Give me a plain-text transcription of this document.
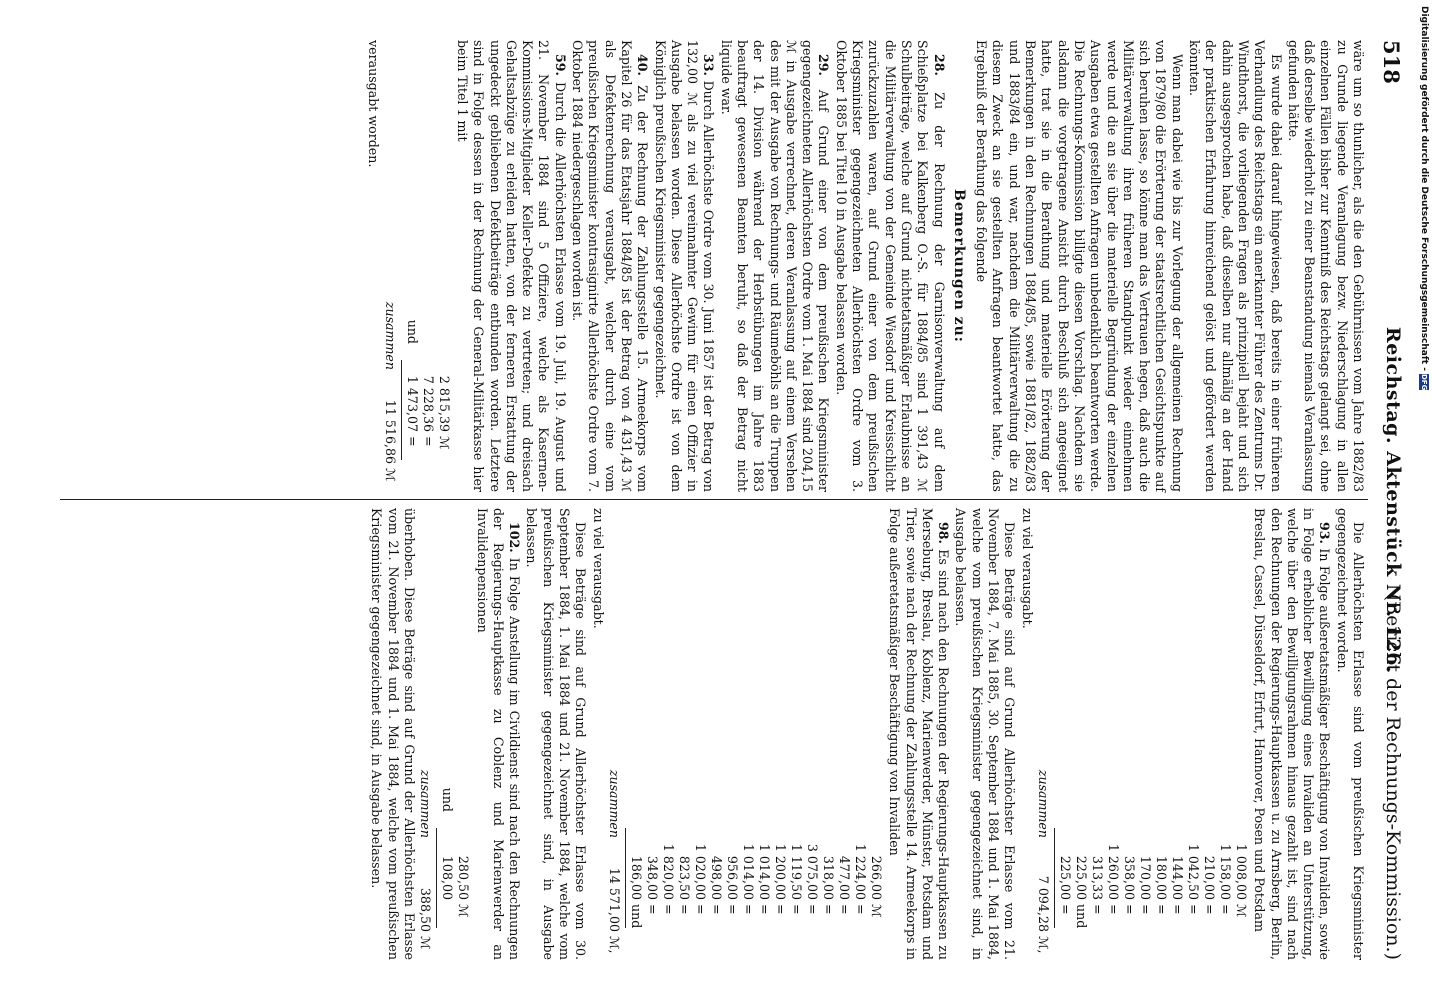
518
Reichstag. Aktenstück Nr. 126.
(Bericht der Rechnungs-Kommission.)

wäre um so thunlicher, als die den Gebührnissen vom Jahre 1882/83 zu Grunde liegende Veranlagung bezw. Niederschlagung in allen einzelnen Fällen bisher zur Kenntniß des Reichstags gelangt sei, ohne daß derselbe wiederholt zu einer Beanstandung niemals Veranlassung gefunden hätte.

Es wurde dabei darauf hingewiesen, daß bereits in einer früheren Verhandlung des Reichstags ein anerkannter Führer des Zentrums Dr. Windthorst, die vorliegenden Fragen als prinzipiell bejaht und sich dahin ausgesprochen habe, daß dieselben nur allmälig an der Hand der praktischen Erfahrung hinreichend gelöst und gefördert werden könnten.

Wenn man dabei wie bis zur Vorlegung der allgemeinen Rechnung von 1879/80 die Erörterung der staatsrechtlichen Gesichtspunkte auf sich beruhen lasse, so könne man das Vertrauen hegen, daß auch die Militärverwaltung ihren früheren Standpunkt wieder einnehmen werde und die an sie über die materielle Begründung der einzelnen Ausgaben etwa gestellten Anfragen unbedenklich beantworten werde. Die Rechnungs-Kommission billigte diesen Vorschlag. Nachdem sie alsdann die vorgetragene Ansicht durch Beschluß sich angeeignet hatte, trat sie in die Berathung und materielle Erörterung der Bemerkungen in den Rechnungen 1884/85, sowie 1881/82, 1882/83 und 1883/84 ein, und war, nachdem die Militärverwaltung die zu diesem Zweck an sie gestellten Anfragen beantwortet hatte, das Ergebniß der Berathung das folgende

Bemerkungen zu:

28. Zu der Rechnung der Garnisonverwaltung auf dem Schießplatze bei Kalkenberg O.-S. für 1884/85 sind 1 391,43 ℳ Schulbeiträge, welche auf Grund nichtetatsmäßiger Erlaubnisse an die Militärverwaltung von der Gemeinde Wiesdorf und Kreisschlicht zurückzuzahlen waren, auf Grund einer von dem preußischen Kriegsminister gegengezeichneten Allerhöchsten Ordre vom 3. Oktober 1885 bei Titel 10 in Ausgabe belassen worden.

29. Auf Grund einer von dem preußischen Kriegsminister gegengezeichneten Allerhöchsten Ordre vom 1. Mai 1884 sind 204,15 ℳ in Ausgabe verrechnet, deren Veranlassung auf einem Versehen des mit der Ausgabe von Rechnungs- und Räumeböhls an die Truppen der 14. Division während der Herbstübungen im Jahre 1883 beauftragt gewesenen Beamten beruht, so daß der Betrag nicht liquide war.

33. Durch Allerhöchste Ordre vom 30. Juni 1857 ist der Betrag von 132,00 ℳ als zu viel vereinnahmter Gewinn für einen Offizier in Ausgabe belassen worden. Diese Allerhöchste Ordre ist von dem Königlich preußischen Kriegsminister gegengezeichnet.

40. Zu der Rechnung der Zahlungsstelle 15. Armeekorps vom Kapitel 26 für das Etatsjahr 1884/85 ist der Betrag von 4 431,43 ℳ als Defektenrechnung verausgabt, welcher durch eine vom preußischen Kriegsminister kontrasignirte Allerhöchste Ordre vom 7. Oktober 1884 niedergeschlagen worden ist.

59. Durch die Allerhöchsten Erlasse vom 19. Juli, 19. August und 21. November 1884 sind 5 Offiziere, welche als Kasernen-Kommissions-Mitglieder Keller-Defekte zu vertreten; und dreisach Gehaltsabzüge zu erleiden hatten, von der ferneren Erstattung der ungedeckt gebliebenen Defektbeiträge entbunden worden. Letztere sind in Folge dessen in der Rechnung der General-Militärkasse hier beim Titel 1 mit

2 815,39
ℳ
7 228,36
=
und
1 473,07
=
zusammen
11 516,86
ℳ

verausgabt worden.

Die Allerhöchsten Erlasse sind vom preußischen Kriegsminister gegengezeichnet worden.

93. In Folge außeretatsmäßiger Beschäftigung von Invaliden, sowie in Folge erheblicher Bewilligung eines Invaliden an Unterstützung, welche über den Bewilligungsrahmen hinaus gezahlt ist, sind nach den Rechnungen der Regierungs-Hauptkassen u. zu Arnsberg, Berlin, Breslau, Cassel, Düsseldorf, Erfurt, Hannover, Posen und Potsdam

1 008,00
ℳ
1 158,00
=
210,00
=
1 042,50
=
144,00
=
180,00
=
170,00
=
358,00
=
1 260,00
=
313,33
=
225,00
und
225,00
=
zusammen
7 094,28
ℳ,

zu viel verausgabt.

Diese Beträge sind auf Grund Allerhöchster Erlasse vom 21. November 1884, 7. Mai 1885, 30. September 1884 und 1. Mai 1884, welche vom preußischen Kriegsminister gegengezeichnet sind, in Ausgabe belassen.

98. Es sind nach den Rechnungen der Regierungs-Hauptkassen zu Merseburg, Breslau, Koblenz, Marienwerder, Münster, Potsdam und Trier, sowie nach der Rechnung der Zahlungsstelle 14. Armeekorps in Folge außeretatsmäßiger Beschäftigung von Invaliden

266,00
ℳ
1 224,00
=
477,00
=
318,00
=
3 075,00
=
1 119,50
=
1 200,00
=
1 014,00
=
1 014,00
=
956,00
=
498,00
=
1 020,00
=
823,50
=
1 820,00
=
348,00
=
186,00
und
zusammen
14 571,00
ℳ,

zu viel verausgabt.

Diese Beträge sind auf Grund Allerhöchster Erlasse vom 30. September 1884, 1. Mai 1884 und 21. November 1884, welche vom preußischen Kriegsminister gegengezeichnet sind, in Ausgabe belassen.

102. In Folge Anstellung im Civildienst sind nach den Rechnungen der Regierungs-Hauptkasse zu Coblenz und Marienwerder an Invalidenpensionen

280,50
ℳ
und
108,00
zusammen
388,50
ℳ

überhoben. Diese Beträge sind auf Grund der Allerhöchsten Erlasse vom 21. November 1884 und 1. Mai 1884, welche vom preußischen Kriegsminister gegengezeichnet sind, in Ausgabe belassen.

Digitalisierung gefördert durch die Deutsche Forschungsgemeinschaft - DFG
